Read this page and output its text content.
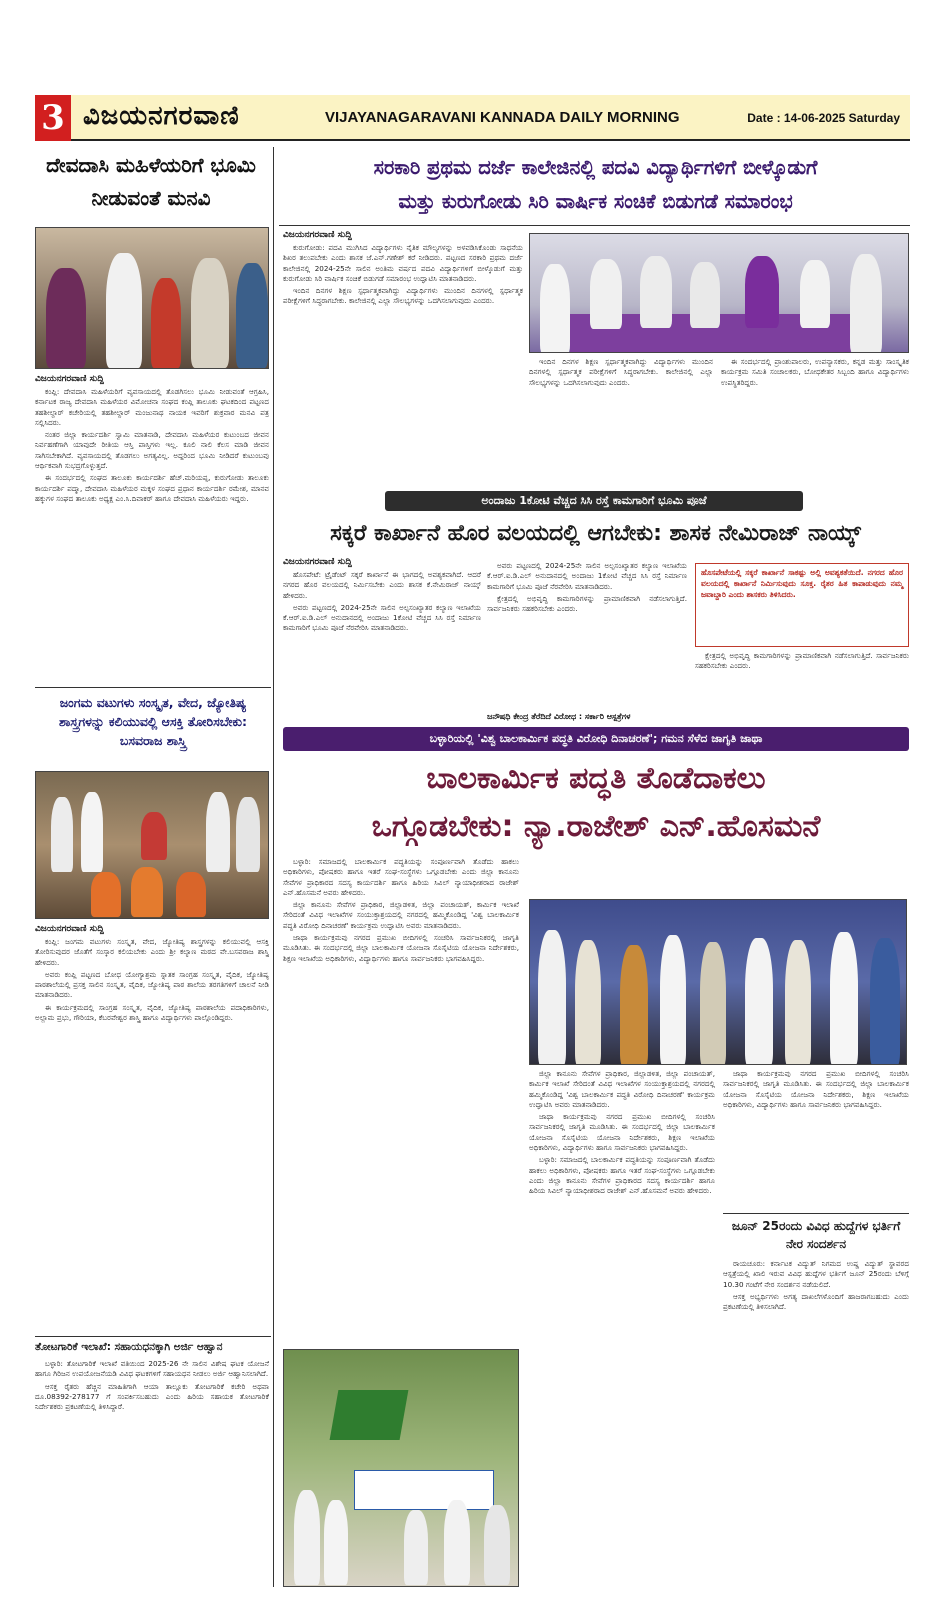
3 ವಿಜಯನಗರವಾಣಿ	VIJAYANAGARAVANI KANNADA DAILY MORNING	Date : 14-06-2025 Saturday
ದೇವದಾಸಿ ಮಹಿಳೆಯರಿಗೆ ಭೂಮಿ ನೀಡುವಂತೆ ಮನವಿ
ವಿಜಯನಗರವಾಣಿ ಸುದ್ದಿ

ಕಂಪ್ಲಿ: ದೇವದಾಸಿ ಮಹಿಳೆಯರಿಗೆ ವ್ಯವಸಾಯದಲ್ಲಿ ತೊಡಗಿಸಲು ಭೂಮಿ ನೀಡುವಂತೆ ಆಗ್ರಹಿಸಿ, ಕರ್ನಾಟಕ ರಾಜ್ಯ ದೇವದಾಸಿ ಮಹಿಳೆಯರ ವಿಮೋಚನಾ ಸಂಘದ ಕಂಪ್ಲಿ ತಾಲೂಕು ಘಟಕದಿಂದ ಪಟ್ಟಣದ ತಹಶೀಲ್ದಾರ್ ಕಚೇರಿಯಲ್ಲಿ ತಹಶೀಲ್ದಾರ್ ಮಂಜುನಾಥ ನಾಯಕ ಇವರಿಗೆ ಶುಕ್ರವಾರ ಮನವಿ ಪತ್ರ ಸಲ್ಲಿಸಿದರು.

ನಂತರ ಜಿಲ್ಲಾ ಕಾರ್ಯದರ್ಶಿ ಸ್ವಾಮಿ ಮಾತನಾಡಿ, ದೇವದಾಸಿ ಮಹಿಳೆಯರ ಕುಟುಂಬದ ಜೀವನ ನಿರ್ವಹಣೆಗಾಗಿ ಯಾವುದೇ ರೀತಿಯ ಆಸ್ತಿ ಪಾಸ್ತಿಗಳು ಇಲ್ಲ. ಕೂಲಿ ನಾಲಿ ಕೆಲಸ ಮಾಡಿ ಜೀವನ ಸಾಗಿಸಬೇಕಾಗಿದೆ. ವ್ಯವಸಾಯದಲ್ಲಿ ತೊಡಗಲು ಅಗತ್ಯವಿಲ್ಲ. ಅದ್ದರಿಂದ ಭೂಮಿ ನೀಡಿದರೆ ಕುಟುಂಬವು ಆರ್ಥಿಕವಾಗಿ ಸುಭದ್ರಗೊಳ್ಳುತ್ತದೆ.

ಈ ಸಂದರ್ಭದಲ್ಲಿ ಸಂಘದ ತಾಲೂಕು ಕಾರ್ಯದರ್ಶಿ ಹೆಚ್.ಮರಿಯಪ್ಪ, ಕುರುಗೋಡು ತಾಲೂಕು ಕಾರ್ಯದರ್ಶಿ ಪದ್ಮಾ, ದೇವದಾಸಿ ಮಹಿಳೆಯರ ಮಕ್ಕಳ ಸಂಘದ ಪ್ರಧಾನ ಕಾರ್ಯದರ್ಶಿ ರಮೇಶ, ಮಾನವ ಹಕ್ಕುಗಳ ಸಂಘದ ತಾಲೂಕು ಅಧ್ಯಕ್ಷ ಎಂ.ಸಿ.ದಿವಾಕರ್ ಹಾಗೂ ದೇವದಾಸಿ ಮಹಿಳೆಯರು ಇದ್ದರು.

ಜಂಗಮ ವಟುಗಳು ಸಂಸ್ಕೃತ, ವೇದ, ಜ್ಯೋತಿಷ್ಯ ಶಾಸ್ತ್ರಗಳನ್ನು ಕಲಿಯುವಲ್ಲಿ ಆಸಕ್ತಿ ತೋರಿಸಬೇಕು: ಬಸವರಾಜ ಶಾಸ್ತ್ರಿ
ವಿಜಯನಗರವಾಣಿ ಸುದ್ದಿ

ಕಂಪ್ಲಿ: ಜಂಗಮ ವಟುಗಳು ಸಂಸ್ಕೃತ, ವೇದ, ಜ್ಯೋತಿಷ್ಯ ಶಾಸ್ತ್ರಗಳನ್ನು ಕಲಿಯುವಲ್ಲಿ ಆಸಕ್ತಿ ತೋರಿಸುವುದರ ಜೊತೆಗೆ ಸಂಸ್ಕಾರ ಕಲಿಯಬೇಕು ಎಂದು ಶ್ರೀ ಕಲ್ಯಾಣ ಮಠದ ವೇ.ಬಸವರಾಜ ಶಾಸ್ತ್ರಿ ಹೇಳಿದರು.

ಅವರು ಕಂಪ್ಲಿ ಪಟ್ಟಣದ ಬೋಧ ಯೋಗ್ಯಾಶ್ರಮ ಸ್ನಾತಕ ಸಾಂಗ್ರಹ ಸಂಸ್ಕೃತ, ವೈದಿಕ, ಜ್ಯೋತಿಷ್ಯ ಪಾಠಶಾಲೆಯಲ್ಲಿ ಪ್ರಸಕ್ತ ಸಾಲಿನ ಸಂಸ್ಕೃತ, ವೈದಿಕ, ಜ್ಯೋತಿಷ್ಯ ಪಾಠ ಶಾಲೆಯ ತರಗತಿಗಳಿಗೆ ಚಾಲನೆ ನೀಡಿ ಮಾತನಾಡಿದರು.

ಈ ಕಾರ್ಯಕ್ರಮದಲ್ಲಿ ಸಾಂಗ್ರಹ ಸಂಸ್ಕೃತ, ವೈದಿಕ, ಜ್ಯೋತಿಷ್ಯ ಪಾಠಶಾಲೆಯ ಪದಾಧಿಕಾರಿಗಳು, ಅಲ್ಲಾಮ ಪ್ರಭು, ಗೌರಿಯಾ, ಕೆಬರವೇಶ್ವರ ಶಾಸ್ತ್ರಿ ಹಾಗೂ ವಿದ್ಯಾರ್ಥಿಗಳು ಪಾಲ್ಗೊಂಡಿದ್ದರು.

ತೋಟಗಾರಿಕೆ ಇಲಾಖೆ: ಸಹಾಯಧನಕ್ಕಾಗಿ ಅರ್ಜಿ ಆಹ್ವಾನ

ಬಳ್ಳಾರಿ: ತೋಟಗಾರಿಕೆ ಇಲಾಖೆ ವತಿಯಿಂದ 2025-26 ನೇ ಸಾಲಿನ ವಿಶೇಷ ಘಟಕ ಯೋಜನೆ ಹಾಗೂ ಗಿರಿಜನ ಉಪಯೋಜನೆಯಡಿ ವಿವಿಧ ಘಟಕಗಳಿಗೆ ಸಹಾಯಧನ ನೀಡಲು ಅರ್ಜಿ ಆಹ್ವಾನಿಸಲಾಗಿದೆ.

ಆಸಕ್ತ ರೈತರು ಹೆಚ್ಚಿನ ಮಾಹಿತಿಗಾಗಿ ಆಯಾ ತಾಲ್ಲೂಕು ತೋಟಗಾರಿಕೆ ಕಚೇರಿ ಅಥವಾ ದೂ.08392-278177 ಗೆ ಸಂಪರ್ಕಿಸಬಹುದು ಎಂದು ಹಿರಿಯ ಸಹಾಯಕ ತೋಟಗಾರಿಕೆ ನಿರ್ದೇಶಕರು ಪ್ರಕಟಣೆಯಲ್ಲಿ ತಿಳಿಸಿದ್ದಾರೆ.

ಸರಕಾರಿ ಪ್ರಥಮ ದರ್ಜೆ ಕಾಲೇಜಿನಲ್ಲಿ ಪದವಿ ವಿದ್ಯಾರ್ಥಿಗಳಿಗೆ ಬೀಳ್ಕೊಡುಗೆ
ಮತ್ತು ಕುರುಗೋಡು ಸಿರಿ ವಾರ್ಷಿಕ ಸಂಚಿಕೆ ಬಿಡುಗಡೆ ಸಮಾರಂಭ
ವಿಜಯನಗರವಾಣಿ ಸುದ್ದಿ

ಕುರುಗೋಡು: ಪದವಿ ಮುಗಿಸಿದ ವಿದ್ಯಾರ್ಥಿಗಳು ನೈತಿಕ ಮೌಲ್ಯಗಳನ್ನು ಅಳವಡಿಸಿಕೊಂಡು ಸಾಧನೆಯ ಶಿಖರ ತಲುಪಬೇಕು ಎಂದು ಶಾಸಕ ಜೆ.ಎನ್.ಗಣೇಶ್ ಕರೆ ನೀಡಿದರು. ಪಟ್ಟಣದ ಸರಕಾರಿ ಪ್ರಥಮ ದರ್ಜೆ ಕಾಲೇಜಿನಲ್ಲಿ 2024-25ನೇ ಸಾಲಿನ ಅಂತಿಮ ವರ್ಷದ ಪದವಿ ವಿದ್ಯಾರ್ಥಿಗಳಿಗೆ ಬೀಳ್ಕೊಡುಗೆ ಮತ್ತು ಕುರುಗೋಡು ಸಿರಿ ವಾರ್ಷಿಕ ಸಂಚಿಕೆ ಬಿಡುಗಡೆ ಸಮಾರಂಭ ಉದ್ಘಾಟಿಸಿ ಮಾತನಾಡಿದರು.

ಇಂದಿನ ದಿನಗಳ ಶಿಕ್ಷಣ ಸ್ಪರ್ಧಾತ್ಮಕವಾಗಿದ್ದು ವಿದ್ಯಾರ್ಥಿಗಳು ಮುಂದಿನ ದಿನಗಳಲ್ಲಿ ಸ್ಪರ್ಧಾತ್ಮಕ ಪರೀಕ್ಷೆಗಳಿಗೆ ಸಿದ್ಧರಾಗಬೇಕು. ಕಾಲೇಜಿನಲ್ಲಿ ಎಲ್ಲಾ ಸೌಲಭ್ಯಗಳನ್ನು ಒದಗಿಸಲಾಗುವುದು ಎಂದರು.

ಇಂದಿನ ದಿನಗಳ ಶಿಕ್ಷಣ ಸ್ಪರ್ಧಾತ್ಮಕವಾಗಿದ್ದು ವಿದ್ಯಾರ್ಥಿಗಳು ಮುಂದಿನ ದಿನಗಳಲ್ಲಿ ಸ್ಪರ್ಧಾತ್ಮಕ ಪರೀಕ್ಷೆಗಳಿಗೆ ಸಿದ್ಧರಾಗಬೇಕು. ಕಾಲೇಜಿನಲ್ಲಿ ಎಲ್ಲಾ ಸೌಲಭ್ಯಗಳನ್ನು ಒದಗಿಸಲಾಗುವುದು ಎಂದರು.

ಈ ಸಂದರ್ಭದಲ್ಲಿ ಪ್ರಾಂಶುಪಾಲರು, ಉಪನ್ಯಾಸಕರು, ಕನ್ನಡ ಮತ್ತು ಸಾಂಸ್ಕೃತಿಕ ಕಾರ್ಯಕ್ರಮ ಸಮಿತಿ ಸಂಚಾಲಕರು, ಬೋಧಕೇತರ ಸಿಬ್ಬಂದಿ ಹಾಗೂ ವಿದ್ಯಾರ್ಥಿಗಳು ಉಪಸ್ಥಿತರಿದ್ದರು.

ಅಂದಾಜು 1ಕೋಟಿ ವೆಚ್ಚದ ಸಿಸಿ ರಸ್ತೆ ಕಾಮಗಾರಿಗೆ ಭೂಮಿ ಪೂಜೆ
ಸಕ್ಕರೆ ಕಾರ್ಖಾನೆ ಹೊರ ವಲಯದಲ್ಲಿ ಆಗಬೇಕು: ಶಾಸಕ ನೇಮಿರಾಜ್ ನಾಯ್ಕ್
ವಿಜಯನಗರವಾಣಿ ಸುದ್ದಿ

ಹೊಸಪೇಟೆ: ಟ್ರೈಡೆಂಟ್ ಸಕ್ಕರೆ ಕಾರ್ಖಾನೆ ಈ ಭಾಗದಲ್ಲಿ ಅವಶ್ಯಕವಾಗಿದೆ. ಆದರೆ ನಗರದ ಹೊರ ವಲಯದಲ್ಲಿ ನಿರ್ಮಿಸಬೇಕು ಎಂದು ಶಾಸಕ ಕೆ.ನೇಮಿರಾಜ್ ನಾಯ್ಕ್ ಹೇಳಿದರು.

ಅವರು ಪಟ್ಟಣದಲ್ಲಿ 2024-25ನೇ ಸಾಲಿನ ಅಲ್ಪಸಂಖ್ಯಾತರ ಕಲ್ಯಾಣ ಇಲಾಖೆಯ ಕೆ.ಆರ್.ಐ.ಡಿ.ಎಲ್ ಅನುದಾನದಲ್ಲಿ ಅಂದಾಜು 1ಕೋಟಿ ವೆಚ್ಚದ ಸಿಸಿ ರಸ್ತೆ ನಿರ್ಮಾಣ ಕಾಮಗಾರಿಗೆ ಭೂಮಿ ಪೂಜೆ ನೆರವೇರಿಸಿ ಮಾತನಾಡಿದರು.

ಅವರು ಪಟ್ಟಣದಲ್ಲಿ 2024-25ನೇ ಸಾಲಿನ ಅಲ್ಪಸಂಖ್ಯಾತರ ಕಲ್ಯಾಣ ಇಲಾಖೆಯ ಕೆ.ಆರ್.ಐ.ಡಿ.ಎಲ್ ಅನುದಾನದಲ್ಲಿ ಅಂದಾಜು 1ಕೋಟಿ ವೆಚ್ಚದ ಸಿಸಿ ರಸ್ತೆ ನಿರ್ಮಾಣ ಕಾಮಗಾರಿಗೆ ಭೂಮಿ ಪೂಜೆ ನೆರವೇರಿಸಿ ಮಾತನಾಡಿದರು.

ಕ್ಷೇತ್ರದಲ್ಲಿ ಅಭಿವೃದ್ಧಿ ಕಾಮಗಾರಿಗಳನ್ನು ಪ್ರಾಮಾಣಿಕವಾಗಿ ನಡೆಸಲಾಗುತ್ತಿದೆ. ಸಾರ್ವಜನಿಕರು ಸಹಕರಿಸಬೇಕು ಎಂದರು.

ಜನೌಷಧಿ ಕೇಂದ್ರ ತೆರೆದಿದೆ ವಿರೋಧ : ಸರ್ಕಾರಿ ಆಸ್ಪತ್ರೆಗಳ
ಹೊಸಪೇಟೆಯಲ್ಲಿ ಸಕ್ಕರೆ ಕಾರ್ಖಾನೆ ಸಾಕಷ್ಟು ಅಲ್ಲಿ ಅವಶ್ಯಕತೆಯಿದೆ. ನಗರದ ಹೊರ ವಲಯದಲ್ಲಿ ಕಾರ್ಖಾನೆ ನಿರ್ಮಿಸುವುದು ಸೂಕ್ತ. ರೈತರ ಹಿತ ಕಾಪಾಡುವುದು ನಮ್ಮ ಜವಾಬ್ದಾರಿ ಎಂದು ಶಾಸಕರು ತಿಳಿಸಿದರು.

ಕ್ಷೇತ್ರದಲ್ಲಿ ಅಭಿವೃದ್ಧಿ ಕಾಮಗಾರಿಗಳನ್ನು ಪ್ರಾಮಾಣಿಕವಾಗಿ ನಡೆಸಲಾಗುತ್ತಿದೆ. ಸಾರ್ವಜನಿಕರು ಸಹಕರಿಸಬೇಕು ಎಂದರು.

ಬಳ್ಳಾರಿಯಲ್ಲಿ 'ವಿಶ್ವ ಬಾಲಕಾರ್ಮಿಕ ಪದ್ಧತಿ ವಿರೋಧಿ ದಿನಾಚರಣೆ'; ಗಮನ ಸೆಳೆದ ಜಾಗೃತಿ ಜಾಥಾ
ಬಾಲಕಾರ್ಮಿಕ ಪದ್ಧತಿ ತೊಡೆದಾಕಲು
ಒಗ್ಗೂಡಬೇಕು: ನ್ಯಾ.ರಾಜೇಶ್ ಎನ್.ಹೊಸಮನೆ

ಬಳ್ಳಾರಿ: ಸಮಾಜದಲ್ಲಿ ಬಾಲಕಾರ್ಮಿಕ ಪದ್ಧತಿಯನ್ನು ಸಂಪೂರ್ಣವಾಗಿ ತೊಡೆದು ಹಾಕಲು ಅಧಿಕಾರಿಗಳು, ಪೋಷಕರು ಹಾಗೂ ಇತರೆ ಸಂಘ-ಸಂಸ್ಥೆಗಳು ಒಗ್ಗೂಡಬೇಕು ಎಂದು ಜಿಲ್ಲಾ ಕಾನೂನು ಸೇವೆಗಳ ಪ್ರಾಧಿಕಾರದ ಸದಸ್ಯ ಕಾರ್ಯದರ್ಶಿ ಹಾಗೂ ಹಿರಿಯ ಸಿವಿಲ್ ನ್ಯಾಯಾಧೀಶರಾದ ರಾಜೇಶ್ ಎನ್.ಹೊಸಮನೆ ಅವರು ಹೇಳಿದರು.

ಜಿಲ್ಲಾ ಕಾನೂನು ಸೇವೆಗಳ ಪ್ರಾಧಿಕಾರ, ಜಿಲ್ಲಾಡಳಿತ, ಜಿಲ್ಲಾ ಪಂಚಾಯತ್, ಕಾರ್ಮಿಕ ಇಲಾಖೆ ಸೇರಿದಂತೆ ವಿವಿಧ ಇಲಾಖೆಗಳ ಸಂಯುಕ್ತಾಶ್ರಯದಲ್ಲಿ ನಗರದಲ್ಲಿ ಹಮ್ಮಿಕೊಂಡಿದ್ದ 'ವಿಶ್ವ ಬಾಲಕಾರ್ಮಿಕ ಪದ್ಧತಿ ವಿರೋಧಿ ದಿನಾಚರಣೆ' ಕಾರ್ಯಕ್ರಮ ಉದ್ಘಾಟಿಸಿ ಅವರು ಮಾತನಾಡಿದರು.

ಜಾಥಾ ಕಾರ್ಯಕ್ರಮವು ನಗರದ ಪ್ರಮುಖ ಬೀದಿಗಳಲ್ಲಿ ಸಂಚರಿಸಿ ಸಾರ್ವಜನಿಕರಲ್ಲಿ ಜಾಗೃತಿ ಮೂಡಿಸಿತು. ಈ ಸಂದರ್ಭದಲ್ಲಿ ಜಿಲ್ಲಾ ಬಾಲಕಾರ್ಮಿಕ ಯೋಜನಾ ಸೊಸೈಟಿಯ ಯೋಜನಾ ನಿರ್ದೇಶಕರು, ಶಿಕ್ಷಣ ಇಲಾಖೆಯ ಅಧಿಕಾರಿಗಳು, ವಿದ್ಯಾರ್ಥಿಗಳು ಹಾಗೂ ಸಾರ್ವಜನಿಕರು ಭಾಗವಹಿಸಿದ್ದರು.

ಜಿಲ್ಲಾ ಕಾನೂನು ಸೇವೆಗಳ ಪ್ರಾಧಿಕಾರ, ಜಿಲ್ಲಾಡಳಿತ, ಜಿಲ್ಲಾ ಪಂಚಾಯತ್, ಕಾರ್ಮಿಕ ಇಲಾಖೆ ಸೇರಿದಂತೆ ವಿವಿಧ ಇಲಾಖೆಗಳ ಸಂಯುಕ್ತಾಶ್ರಯದಲ್ಲಿ ನಗರದಲ್ಲಿ ಹಮ್ಮಿಕೊಂಡಿದ್ದ 'ವಿಶ್ವ ಬಾಲಕಾರ್ಮಿಕ ಪದ್ಧತಿ ವಿರೋಧಿ ದಿನಾಚರಣೆ' ಕಾರ್ಯಕ್ರಮ ಉದ್ಘಾಟಿಸಿ ಅವರು ಮಾತನಾಡಿದರು.

ಜಾಥಾ ಕಾರ್ಯಕ್ರಮವು ನಗರದ ಪ್ರಮುಖ ಬೀದಿಗಳಲ್ಲಿ ಸಂಚರಿಸಿ ಸಾರ್ವಜನಿಕರಲ್ಲಿ ಜಾಗೃತಿ ಮೂಡಿಸಿತು. ಈ ಸಂದರ್ಭದಲ್ಲಿ ಜಿಲ್ಲಾ ಬಾಲಕಾರ್ಮಿಕ ಯೋಜನಾ ಸೊಸೈಟಿಯ ಯೋಜನಾ ನಿರ್ದೇಶಕರು, ಶಿಕ್ಷಣ ಇಲಾಖೆಯ ಅಧಿಕಾರಿಗಳು, ವಿದ್ಯಾರ್ಥಿಗಳು ಹಾಗೂ ಸಾರ್ವಜನಿಕರು ಭಾಗವಹಿಸಿದ್ದರು.

ಬಳ್ಳಾರಿ: ಸಮಾಜದಲ್ಲಿ ಬಾಲಕಾರ್ಮಿಕ ಪದ್ಧತಿಯನ್ನು ಸಂಪೂರ್ಣವಾಗಿ ತೊಡೆದು ಹಾಕಲು ಅಧಿಕಾರಿಗಳು, ಪೋಷಕರು ಹಾಗೂ ಇತರೆ ಸಂಘ-ಸಂಸ್ಥೆಗಳು ಒಗ್ಗೂಡಬೇಕು ಎಂದು ಜಿಲ್ಲಾ ಕಾನೂನು ಸೇವೆಗಳ ಪ್ರಾಧಿಕಾರದ ಸದಸ್ಯ ಕಾರ್ಯದರ್ಶಿ ಹಾಗೂ ಹಿರಿಯ ಸಿವಿಲ್ ನ್ಯಾಯಾಧೀಶರಾದ ರಾಜೇಶ್ ಎನ್.ಹೊಸಮನೆ ಅವರು ಹೇಳಿದರು.

ಜಾಥಾ ಕಾರ್ಯಕ್ರಮವು ನಗರದ ಪ್ರಮುಖ ಬೀದಿಗಳಲ್ಲಿ ಸಂಚರಿಸಿ ಸಾರ್ವಜನಿಕರಲ್ಲಿ ಜಾಗೃತಿ ಮೂಡಿಸಿತು. ಈ ಸಂದರ್ಭದಲ್ಲಿ ಜಿಲ್ಲಾ ಬಾಲಕಾರ್ಮಿಕ ಯೋಜನಾ ಸೊಸೈಟಿಯ ಯೋಜನಾ ನಿರ್ದೇಶಕರು, ಶಿಕ್ಷಣ ಇಲಾಖೆಯ ಅಧಿಕಾರಿಗಳು, ವಿದ್ಯಾರ್ಥಿಗಳು ಹಾಗೂ ಸಾರ್ವಜನಿಕರು ಭಾಗವಹಿಸಿದ್ದರು.

ಜೂನ್ 25ರಂದು ವಿವಿಧ ಹುದ್ದೆಗಳ ಭರ್ತಿಗೆ ನೇರ ಸಂದರ್ಶನ

ರಾಯಚೂರು: ಕರ್ನಾಟಕ ವಿದ್ಯುತ್ ನಿಗಮದ ಉಷ್ಣ ವಿದ್ಯುತ್ ಸ್ಥಾವರದ ಆಸ್ಪತ್ರೆಯಲ್ಲಿ ಖಾಲಿ ಇರುವ ವಿವಿಧ ಹುದ್ದೆಗಳ ಭರ್ತಿಗೆ ಜೂನ್ 25ರಂದು ಬೆಳಿಗ್ಗೆ 10.30 ಗಂಟೆಗೆ ನೇರ ಸಂದರ್ಶನ ನಡೆಯಲಿದೆ.

ಆಸಕ್ತ ಅಭ್ಯರ್ಥಿಗಳು ಅಗತ್ಯ ದಾಖಲೆಗಳೊಂದಿಗೆ ಹಾಜರಾಗಬಹುದು ಎಂದು ಪ್ರಕಟಣೆಯಲ್ಲಿ ತಿಳಿಸಲಾಗಿದೆ.
